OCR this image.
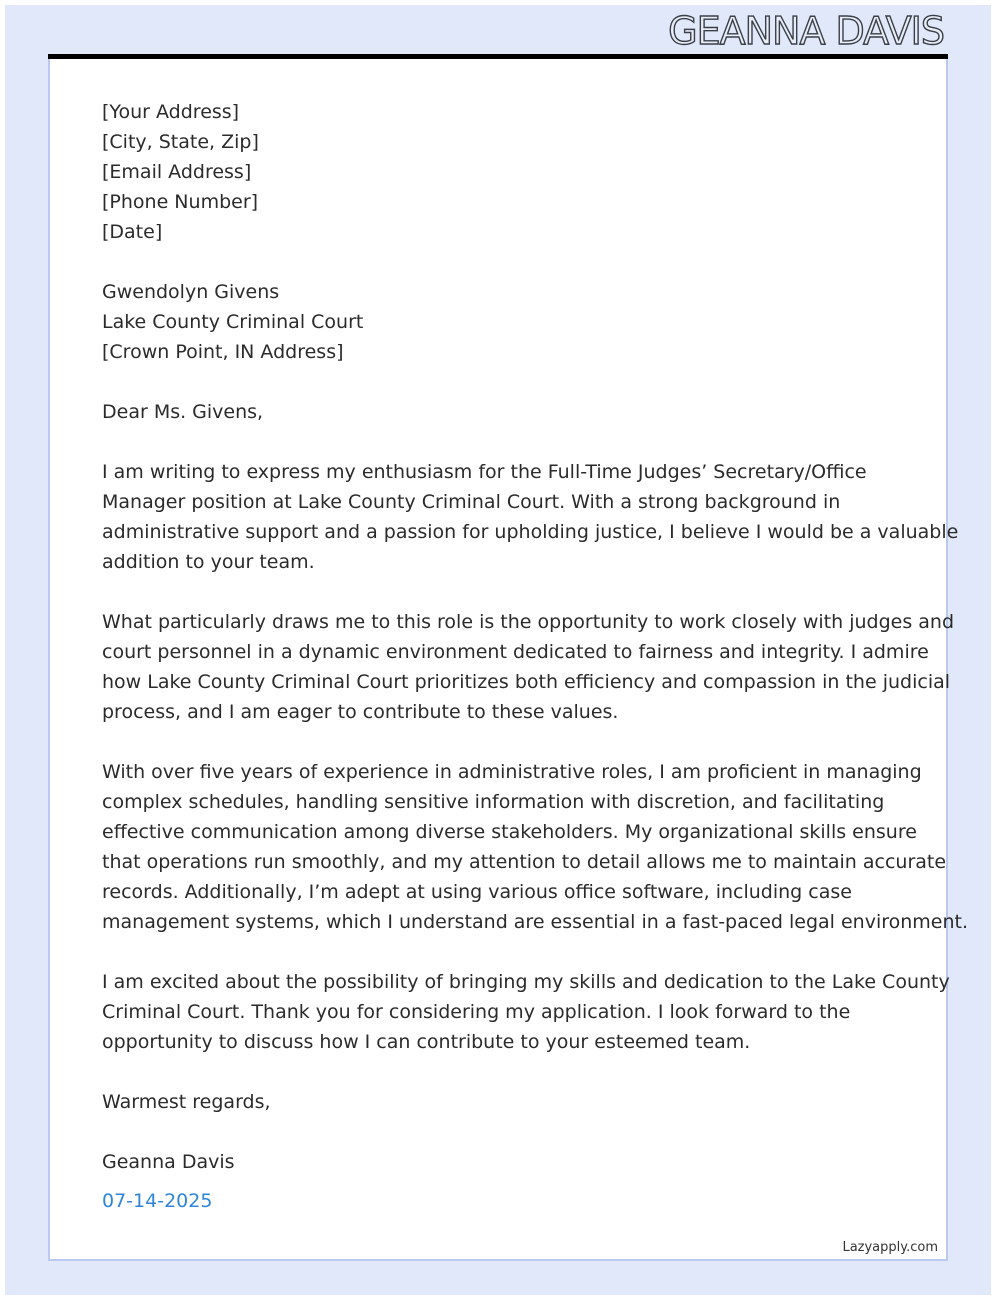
GEANNA DAVIS
[Your Address]
[City, State, Zip]
[Email Address]
[Phone Number]
[Date]
Gwendolyn Givens
Lake County Criminal Court
[Crown Point, IN Address]
Dear Ms. Givens,
I am writing to express my enthusiasm for the Full-Time Judges’ Secretary/Office
Manager position at Lake County Criminal Court. With a strong background in
administrative support and a passion for upholding justice, I believe I would be a valuable
addition to your team.
What particularly draws me to this role is the opportunity to work closely with judges and
court personnel in a dynamic environment dedicated to fairness and integrity. I admire
how Lake County Criminal Court prioritizes both efficiency and compassion in the judicial
process, and I am eager to contribute to these values.
With over five years of experience in administrative roles, I am proficient in managing
complex schedules, handling sensitive information with discretion, and facilitating
effective communication among diverse stakeholders. My organizational skills ensure
that operations run smoothly, and my attention to detail allows me to maintain accurate
records. Additionally, I’m adept at using various office software, including case
management systems, which I understand are essential in a fast-paced legal environment.
I am excited about the possibility of bringing my skills and dedication to the Lake County
Criminal Court. Thank you for considering my application. I look forward to the
opportunity to discuss how I can contribute to your esteemed team.
Warmest regards,
Geanna Davis
07-14-2025
Lazyapply.com
